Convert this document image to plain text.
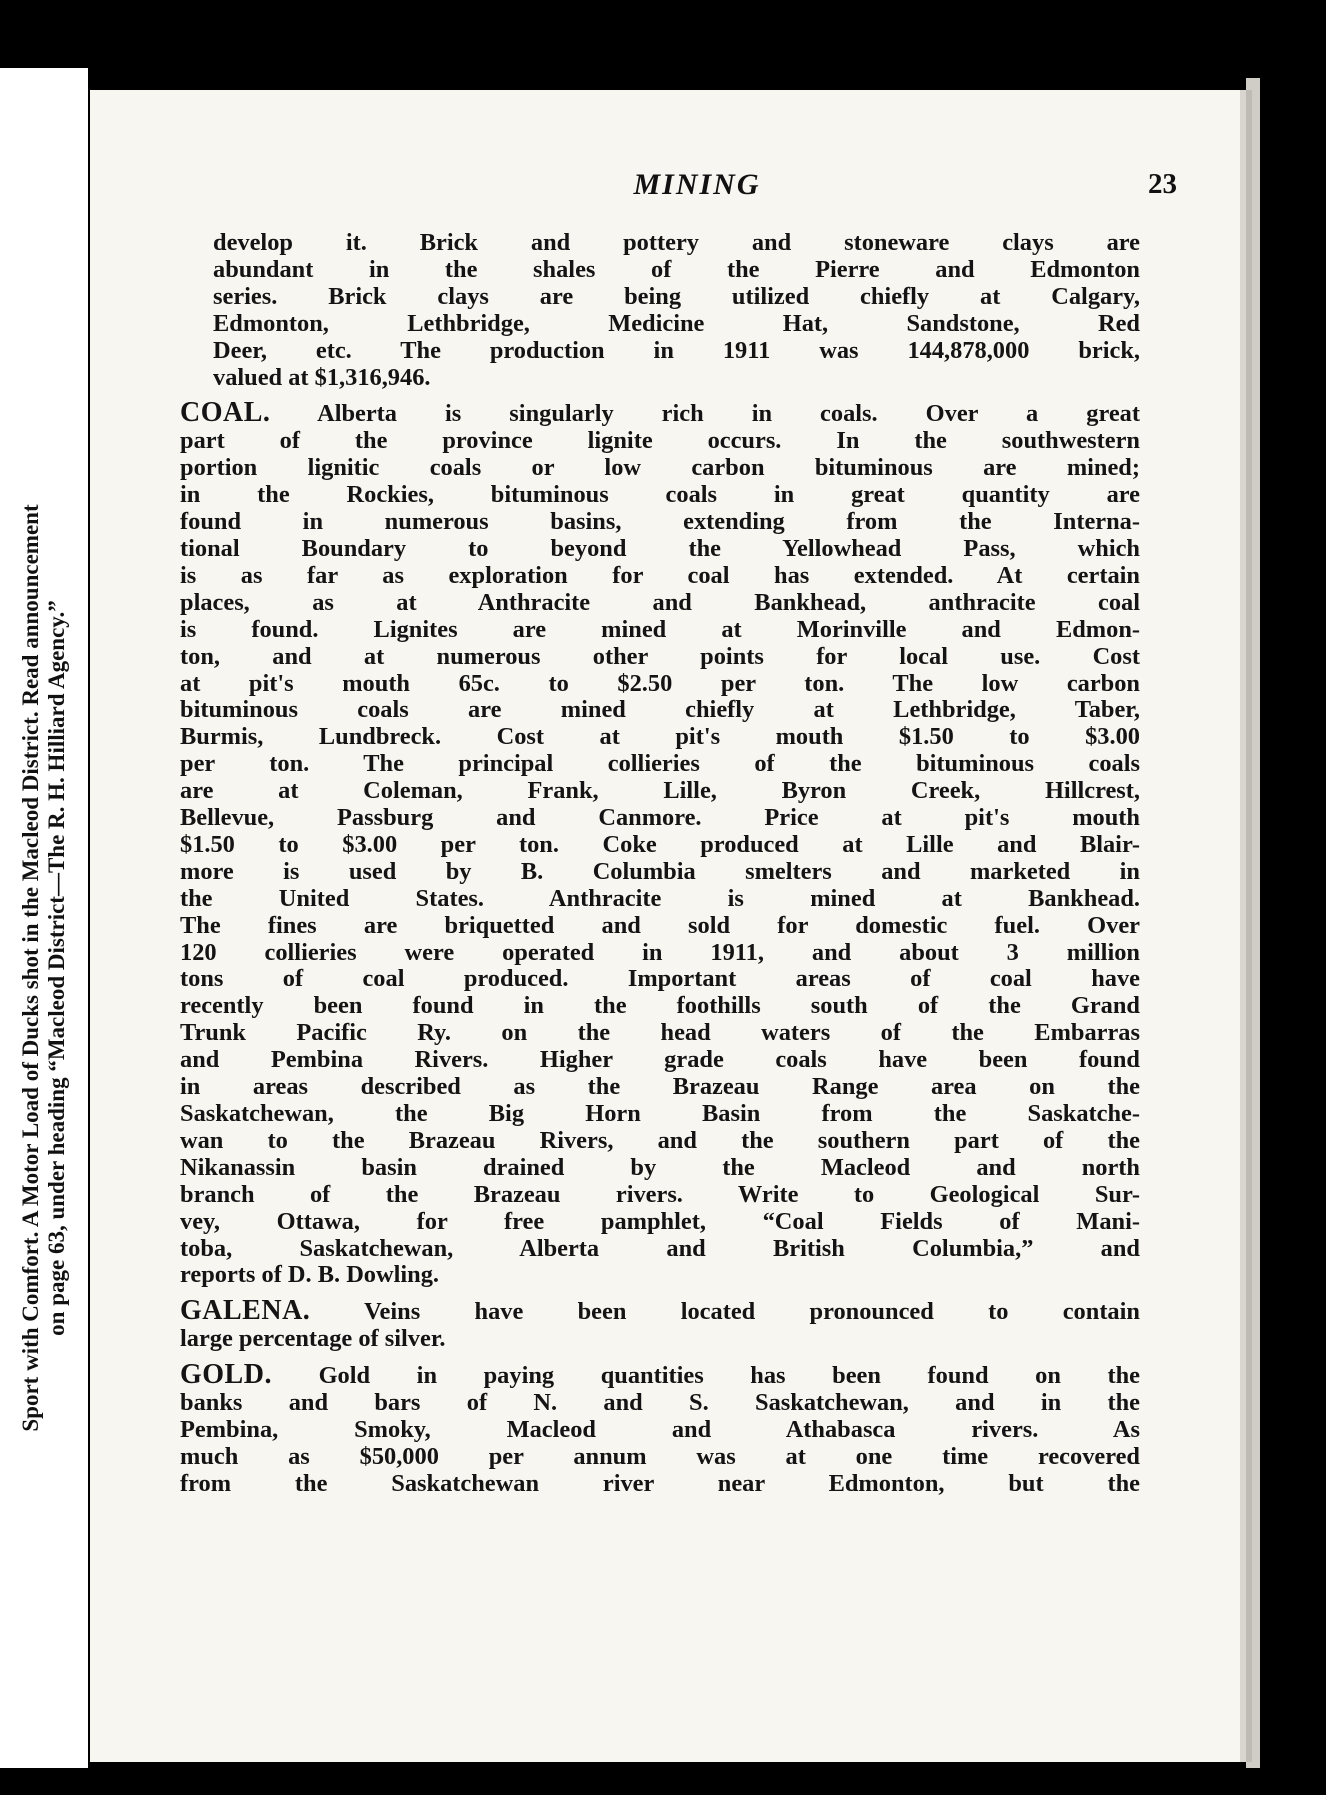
Sport with Comfort. A Motor Load of Ducks shot in the Macleod District. Read announcement on page 63, under heading “Macleod District—The R. H. Hilliard Agency.”
MINING	23
develop it. Brick and pottery and stoneware clays are
abundant in the shales of the Pierre and Edmonton
series. Brick clays are being utilized chiefly at Calgary,
Edmonton, Lethbridge, Medicine Hat, Sandstone, Red
Deer, etc. The production in 1911 was 144,878,000 brick,
valued at $1,316,946.
COAL. Alberta is singularly rich in coals. Over a great
part of the province lignite occurs. In the southwestern
portion lignitic coals or low carbon bituminous are mined;
in the Rockies, bituminous coals in great quantity are
found in numerous basins, extending from the Interna-
tional Boundary to beyond the Yellowhead Pass, which
is as far as exploration for coal has extended. At certain
places, as at Anthracite and Bankhead, anthracite coal
is found. Lignites are mined at Morinville and Edmon-
ton, and at numerous other points for local use. Cost
at pit's mouth 65c. to $2.50 per ton. The low carbon
bituminous coals are mined chiefly at Lethbridge, Taber,
Burmis, Lundbreck. Cost at pit's mouth $1.50 to $3.00
per ton. The principal collieries of the bituminous coals
are at Coleman, Frank, Lille, Byron Creek, Hillcrest,
Bellevue, Passburg and Canmore. Price at pit's mouth
$1.50 to $3.00 per ton. Coke produced at Lille and Blair-
more is used by B. Columbia smelters and marketed in
the United States. Anthracite is mined at Bankhead.
The fines are briquetted and sold for domestic fuel. Over
120 collieries were operated in 1911, and about 3 million
tons of coal produced. Important areas of coal have
recently been found in the foothills south of the Grand
Trunk Pacific Ry. on the head waters of the Embarras
and Pembina Rivers. Higher grade coals have been found
in areas described as the Brazeau Range area on the
Saskatchewan, the Big Horn Basin from the Saskatche-
wan to the Brazeau Rivers, and the southern part of the
Nikanassin basin drained by the Macleod and north
branch of the Brazeau rivers. Write to Geological Sur-
vey, Ottawa, for free pamphlet, “Coal Fields of Mani-
toba, Saskatchewan, Alberta and British Columbia,” and
reports of D. B. Dowling.
GALENA. Veins have been located pronounced to contain
large percentage of silver.
GOLD. Gold in paying quantities has been found on the
banks and bars of N. and S. Saskatchewan, and in the
Pembina, Smoky, Macleod and Athabasca rivers. As
much as $50,000 per annum was at one time recovered
from the Saskatchewan river near Edmonton, but the
